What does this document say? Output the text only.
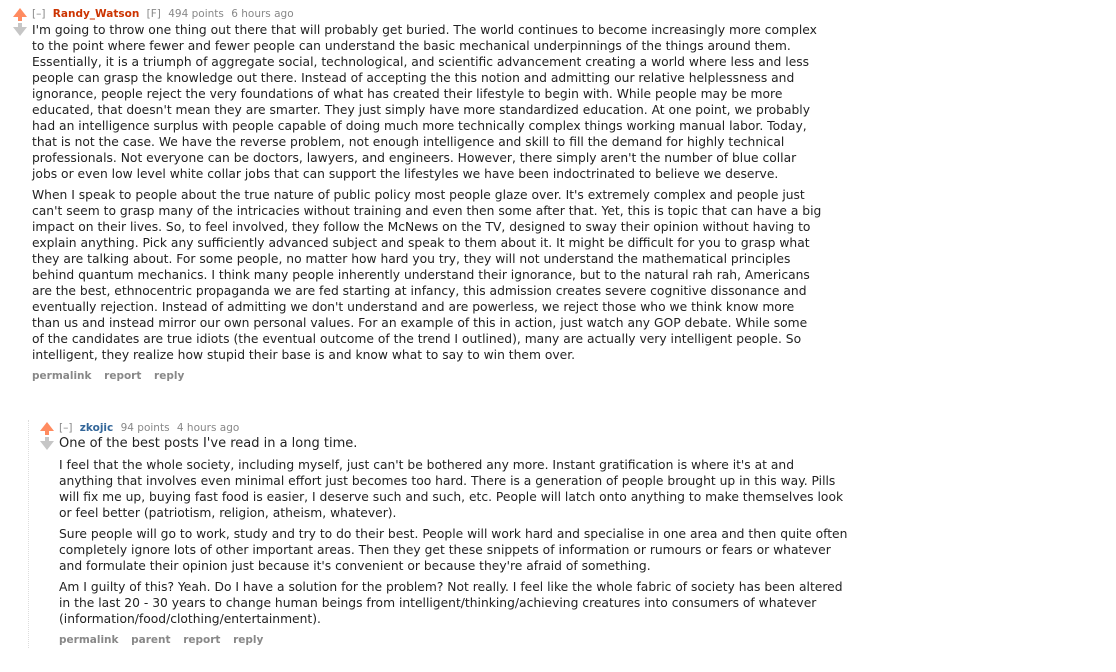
[–] Randy_Watson [F] 494 points 6 hours ago

I'm going to throw one thing out there that will probably get buried. The world continues to become increasingly more complex to the point where fewer and fewer people can understand the basic mechanical underpinnings of the things around them. Essentially, it is a triumph of aggregate social, technological, and scientific advancement creating a world where less and less people can grasp the knowledge out there. Instead of accepting the this notion and admitting our relative helplessness and ignorance, people reject the very foundations of what has created their lifestyle to begin with. While people may be more educated, that doesn't mean they are smarter. They just simply have more standardized education. At one point, we probably had an intelligence surplus with people capable of doing much more technically complex things working manual labor. Today, that is not the case. We have the reverse problem, not enough intelligence and skill to fill the demand for highly technical professionals. Not everyone can be doctors, lawyers, and engineers. However, there simply aren't the number of blue collar jobs or even low level white collar jobs that can support the lifestyles we have been indoctrinated to believe we deserve.

When I speak to people about the true nature of public policy most people glaze over. It's extremely complex and people just can't seem to grasp many of the intricacies without training and even then some after that. Yet, this is topic that can have a big impact on their lives. So, to feel involved, they follow the McNews on the TV, designed to sway their opinion without having to explain anything. Pick any sufficiently advanced subject and speak to them about it. It might be difficult for you to grasp what they are talking about. For some people, no matter how hard you try, they will not understand the mathematical principles behind quantum mechanics. I think many people inherently understand their ignorance, but to the natural rah rah, Americans are the best, ethnocentric propaganda we are fed starting at infancy, this admission creates severe cognitive dissonance and eventually rejection. Instead of admitting we don't understand and are powerless, we reject those who we think know more than us and instead mirror our own personal values. For an example of this in action, just watch any GOP debate. While some of the candidates are true idiots (the eventual outcome of the trend I outlined), many are actually very intelligent people. So intelligent, they realize how stupid their base is and know what to say to win them over.

permalink report reply
[–] zkojic 94 points 4 hours ago

One of the best posts I've read in a long time.

I feel that the whole society, including myself, just can't be bothered any more. Instant gratification is where it's at and anything that involves even minimal effort just becomes too hard. There is a generation of people brought up in this way. Pills will fix me up, buying fast food is easier, I deserve such and such, etc. People will latch onto anything to make themselves look or feel better (patriotism, religion, atheism, whatever).

Sure people will go to work, study and try to do their best. People will work hard and specialise in one area and then quite often completely ignore lots of other important areas. Then they get these snippets of information or rumours or fears or whatever and formulate their opinion just because it's convenient or because they're afraid of something.

Am I guilty of this? Yeah. Do I have a solution for the problem? Not really. I feel like the whole fabric of society has been altered in the last 20 - 30 years to change human beings from intelligent/thinking/achieving creatures into consumers of whatever (information/food/clothing/entertainment).

permalink parent report reply
